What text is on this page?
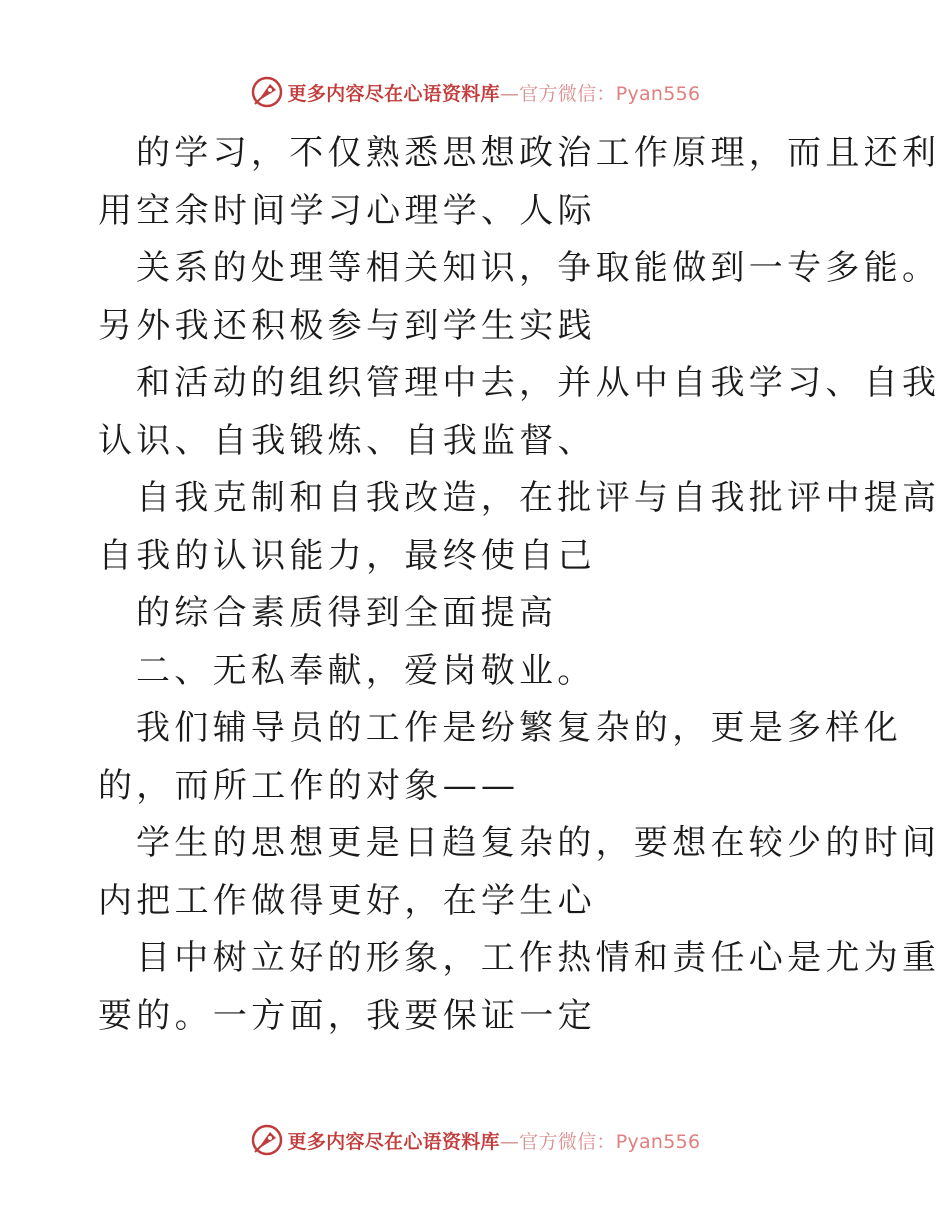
更多内容尽在心语资料库—官方微信：Pyan556
的学习，不仅熟悉思想政治工作原理，而且还利
用空余时间学习心理学、人际
关系的处理等相关知识，争取能做到一专多能。
另外我还积极参与到学生实践
和活动的组织管理中去，并从中自我学习、自我
认识、自我锻炼、自我监督、
自我克制和自我改造，在批评与自我批评中提高
自我的认识能力，最终使自己
的综合素质得到全面提高
二、无私奉献，爱岗敬业。
我们辅导员的工作是纷繁复杂的，更是多样化
的，而所工作的对象——
学生的思想更是日趋复杂的，要想在较少的时间
内把工作做得更好，在学生心
目中树立好的形象，工作热情和责任心是尤为重
要的。一方面，我要保证一定
更多内容尽在心语资料库—官方微信：Pyan556
